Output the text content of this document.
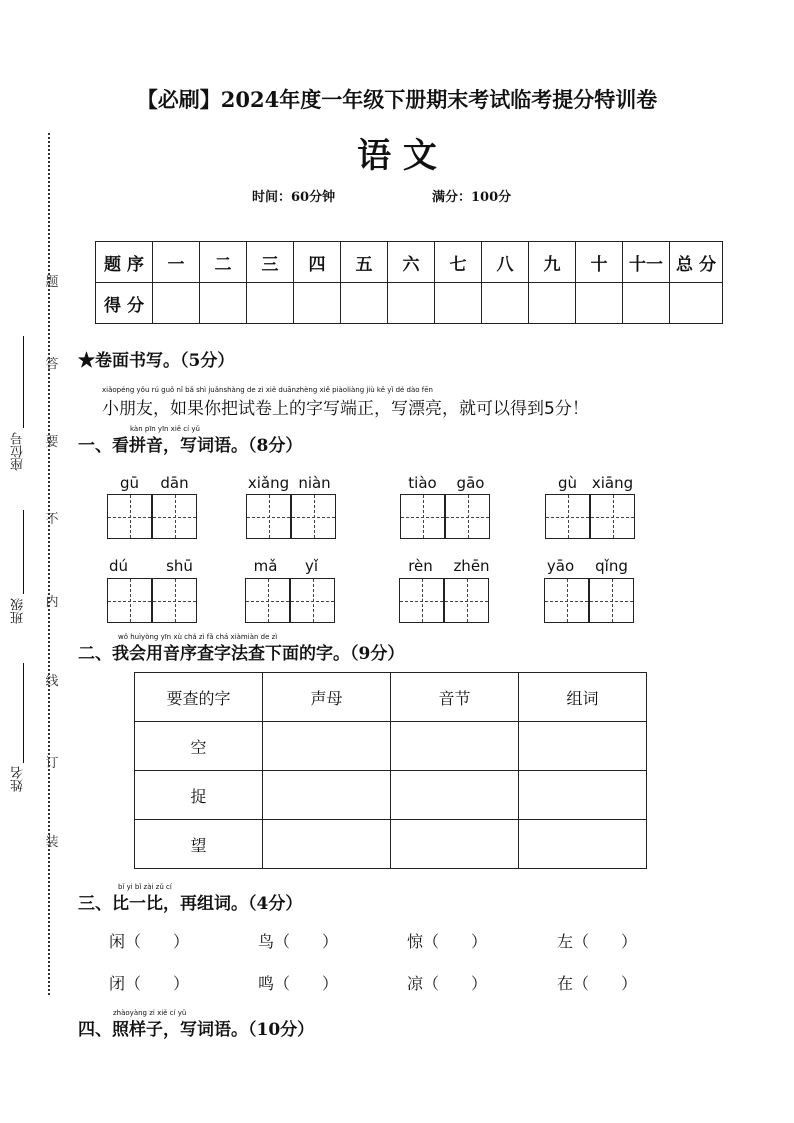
【必刷】2024年度一年级下册期末考试临考提分特训卷
语 文
时间：60分钟	满分：100分
题
答
要
不
内
线
订
装
座位号
班级
姓名
题 序	一	二	三	四	五	六	七	八	九	十	十一	总 分
得 分												
★卷面书写。（5分）
xiǎopéng yǒu rú guǒ nǐ bǎ shì juǎnshàng de zì xiě duānzhèng xiě piàoliàng jiù kě yǐ dé dào fēn
小朋友，如果你把试卷上的字写端正，写漂亮，就可以得到5分！
kàn pīn yīn xiě cí yǔ
一、看拼音，写词语。（8分）
gū	dān	xiǎng niàn	tiào	gāo	gù xiāng
dú	shū	mǎ	yǐ	rèn	zhēn	yāo	qǐng
wǒ huìyòng yīn xù chá zì fǎ chá xiàmiàn de zì
二、我会用音序查字法查下面的字。（9分）
要查的字	声母	音节	组词
空			
捉			
望			
bǐ yi bǐ zài zǔ cí
三、比一比，再组词。（4分）
闲（　　）	鸟（　　）	惊（　　）	左（　　）
闭（　　）	鸣（　　）	凉（　　）	在（　　）
zhàoyàng zi xiě cí yǔ
四、照样子，写词语。（10分）
